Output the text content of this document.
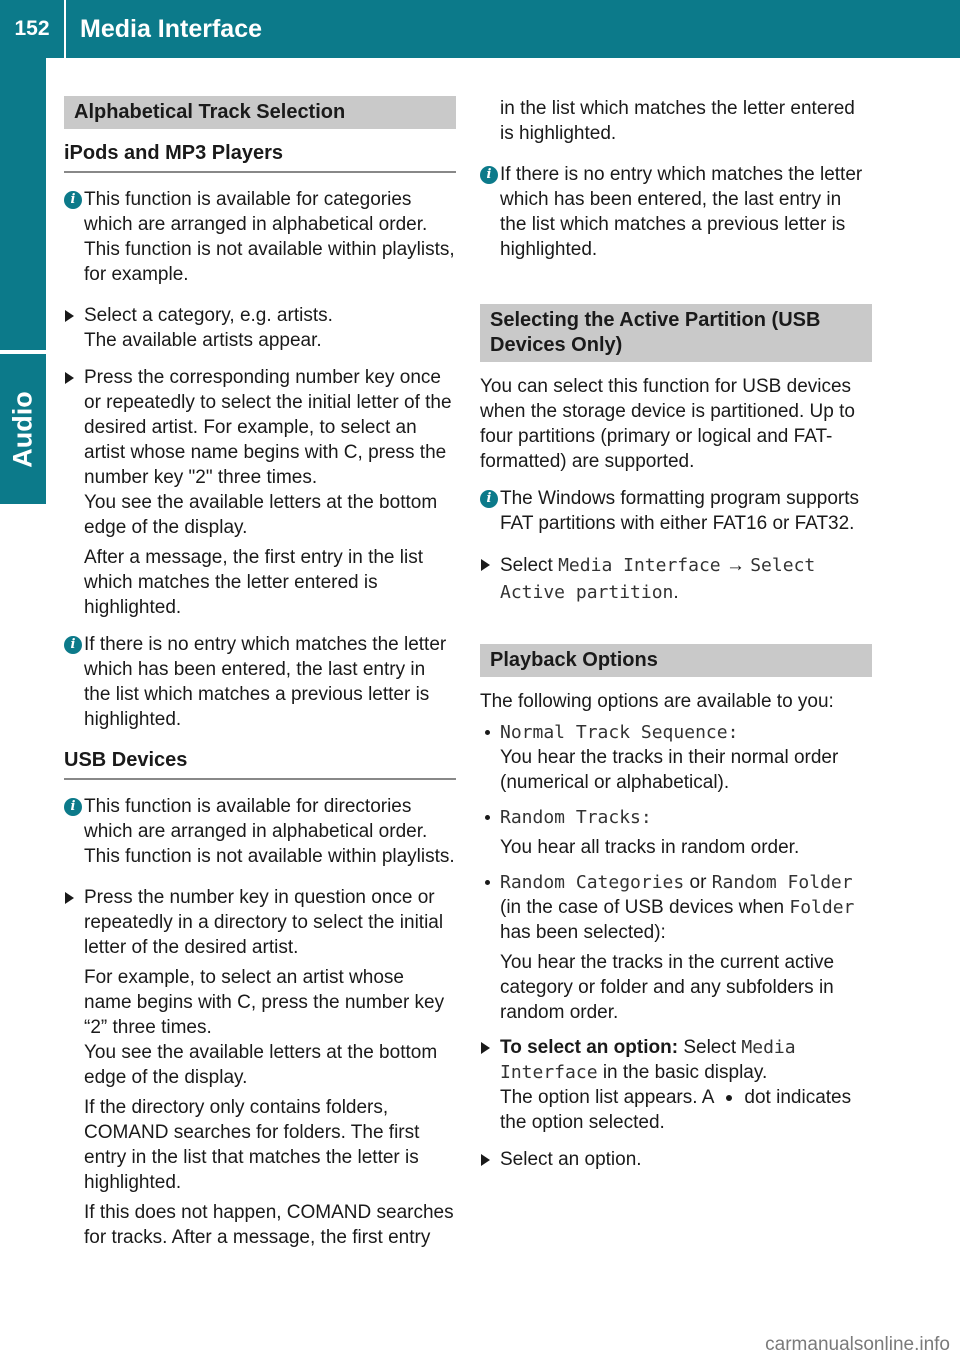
152	Media Interface
Audio
Alphabetical Track Selection
iPods and MP3 Players
i This function is available for categories which are arranged in alphabetical order. This function is not available within playlists, for example.

Select a category, e.g. artists.
The available artists appear.

Press the corresponding number key once or repeatedly to select the initial letter of the desired artist. For example, to select an artist whose name begins with C, press the number key "2" three times.
You see the available letters at the bottom edge of the display.

After a message, the first entry in the list which matches the letter entered is highlighted.

i If there is no entry which matches the letter which has been entered, the last entry in the list which matches a previous letter is highlighted.

USB Devices
i This function is available for directories which are arranged in alphabetical order. This function is not available within playlists.

Press the number key in question once or repeatedly in a directory to select the initial letter of the desired artist.

For example, to select an artist whose name begins with C, press the number key “2” three times.
You see the available letters at the bottom edge of the display.

If the directory only contains folders, COMAND searches for folders. The first entry in the list that matches the letter is highlighted.

If this does not happen, COMAND searches for tracks. After a message, the first entry

in the list which matches the letter entered is highlighted.
i If there is no entry which matches the letter which has been entered, the last entry in the list which matches a previous letter is highlighted.

Selecting the Active Partition (USB Devices Only)
You can select this function for USB devices when the storage device is partitioned. Up to four partitions (primary or logical and FAT-formatted) are supported.
i The Windows formatting program supports FAT partitions with either FAT16 or FAT32.

Select Media Interface → Select Active partition.

Playback Options
The following options are available to you:
Normal Track Sequence:
You hear the tracks in their normal order (numerical or alphabetical).
Random Tracks:
You hear all tracks in random order.
Random Categories or Random Folder (in the case of USB devices when Folder has been selected):
You hear the tracks in the current active category or folder and any subfolders in random order.

To select an option: Select Media Interface in the basic display.
The option list appears. A dot indicates the option selected.

Select an option.

carmanualsonline.info
